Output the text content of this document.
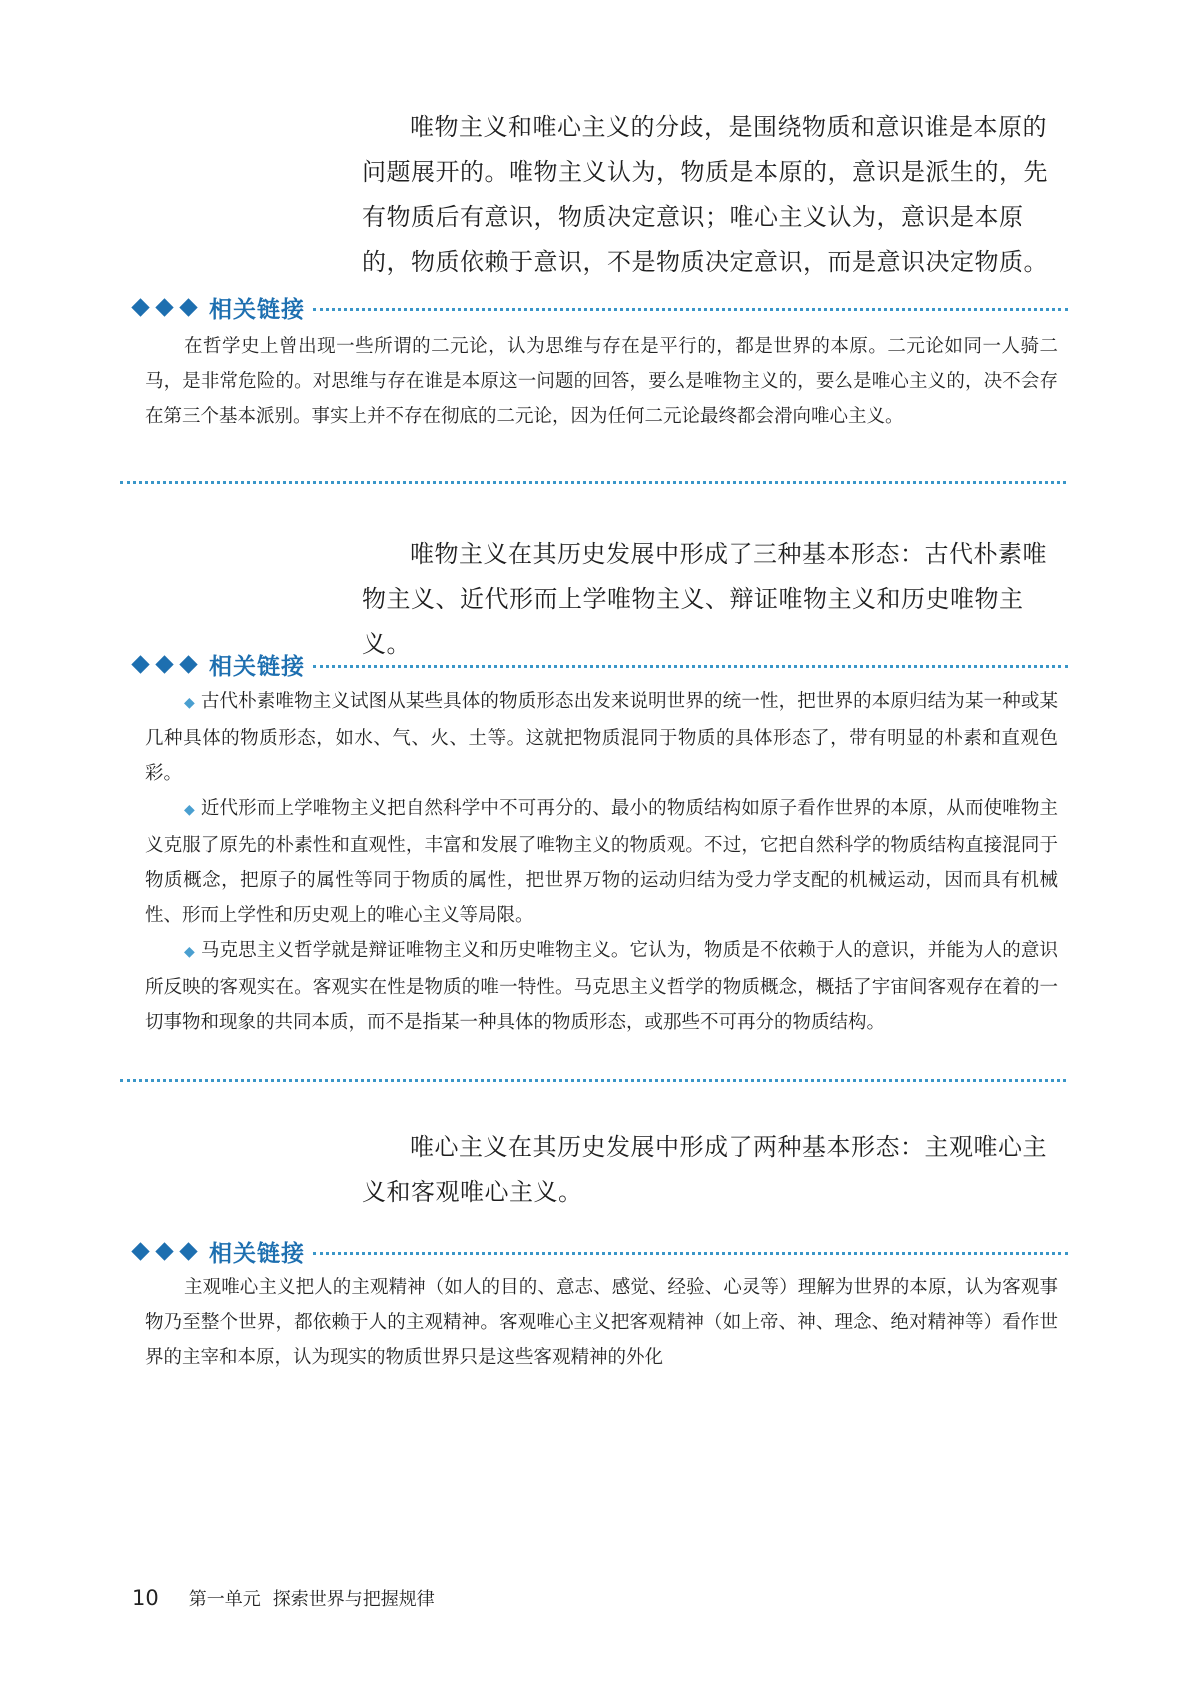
唯物主义和唯心主义的分歧，是围绕物质和意识谁是本原的问题展开的。唯物主义认为，物质是本原的，意识是派生的，先有物质后有意识，物质决定意识；唯心主义认为，意识是本原的，物质依赖于意识，不是物质决定意识，而是意识决定物质。

相关链接

在哲学史上曾出现一些所谓的二元论，认为思维与存在是平行的，都是世界的本原。二元论如同一人骑二马，是非常危险的。对思维与存在谁是本原这一问题的回答，要么是唯物主义的，要么是唯心主义的，决不会存在第三个基本派别。事实上并不存在彻底的二元论，因为任何二元论最终都会滑向唯心主义。

唯物主义在其历史发展中形成了三种基本形态：古代朴素唯物主义、近代形而上学唯物主义、辩证唯物主义和历史唯物主义。

相关链接

◆ 古代朴素唯物主义试图从某些具体的物质形态出发来说明世界的统一性，把世界的本原归结为某一种或某几种具体的物质形态，如水、气、火、土等。这就把物质混同于物质的具体形态了，带有明显的朴素和直观色彩。

◆ 近代形而上学唯物主义把自然科学中不可再分的、最小的物质结构如原子看作世界的本原，从而使唯物主义克服了原先的朴素性和直观性，丰富和发展了唯物主义的物质观。不过，它把自然科学的物质结构直接混同于物质概念，把原子的属性等同于物质的属性，把世界万物的运动归结为受力学支配的机械运动，因而具有机械性、形而上学性和历史观上的唯心主义等局限。

◆ 马克思主义哲学就是辩证唯物主义和历史唯物主义。它认为，物质是不依赖于人的意识，并能为人的意识所反映的客观实在。客观实在性是物质的唯一特性。马克思主义哲学的物质概念，概括了宇宙间客观存在着的一切事物和现象的共同本质，而不是指某一种具体的物质形态，或那些不可再分的物质结构。

唯心主义在其历史发展中形成了两种基本形态：主观唯心主义和客观唯心主义。

相关链接

主观唯心主义把人的主观精神（如人的目的、意志、感觉、经验、心灵等）理解为世界的本原，认为客观事物乃至整个世界，都依赖于人的主观精神。客观唯心主义把客观精神（如上帝、神、理念、绝对精神等）看作世界的主宰和本原，认为现实的物质世界只是这些客观精神的外化

10 第一单元 探索世界与把握规律
